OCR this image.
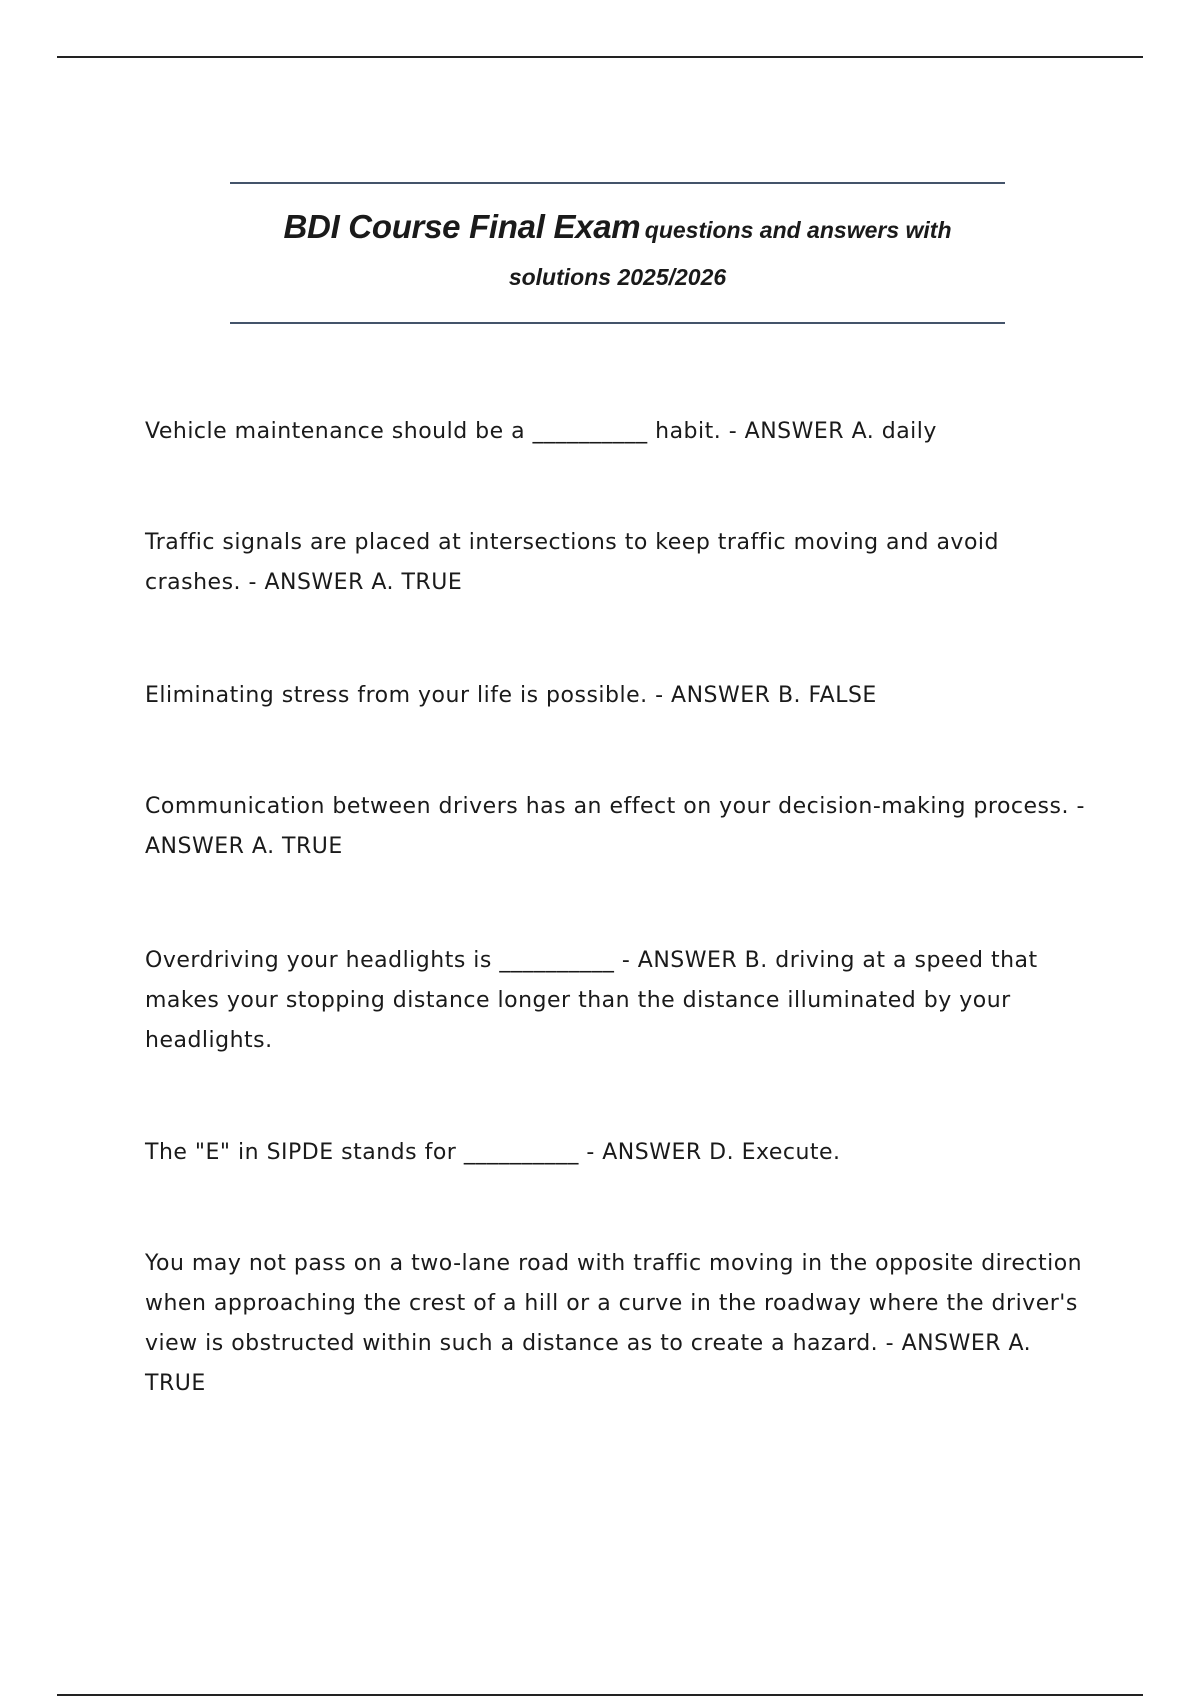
BDI Course Final Exam questions and answers with
solutions 2025/2026

Vehicle maintenance should be a __________ habit. - ANSWER A. daily

Traffic signals are placed at intersections to keep traffic moving and avoid crashes. - ANSWER A. TRUE

Eliminating stress from your life is possible. - ANSWER B. FALSE

Communication between drivers has an effect on your decision-making process. - ANSWER A. TRUE

Overdriving your headlights is __________ - ANSWER B. driving at a speed that makes your stopping distance longer than the distance illuminated by your headlights.

The "E" in SIPDE stands for __________ - ANSWER D. Execute.

You may not pass on a two-lane road with traffic moving in the opposite direction when approaching the crest of a hill or a curve in the roadway where the driver's view is obstructed within such a distance as to create a hazard. - ANSWER A. TRUE
